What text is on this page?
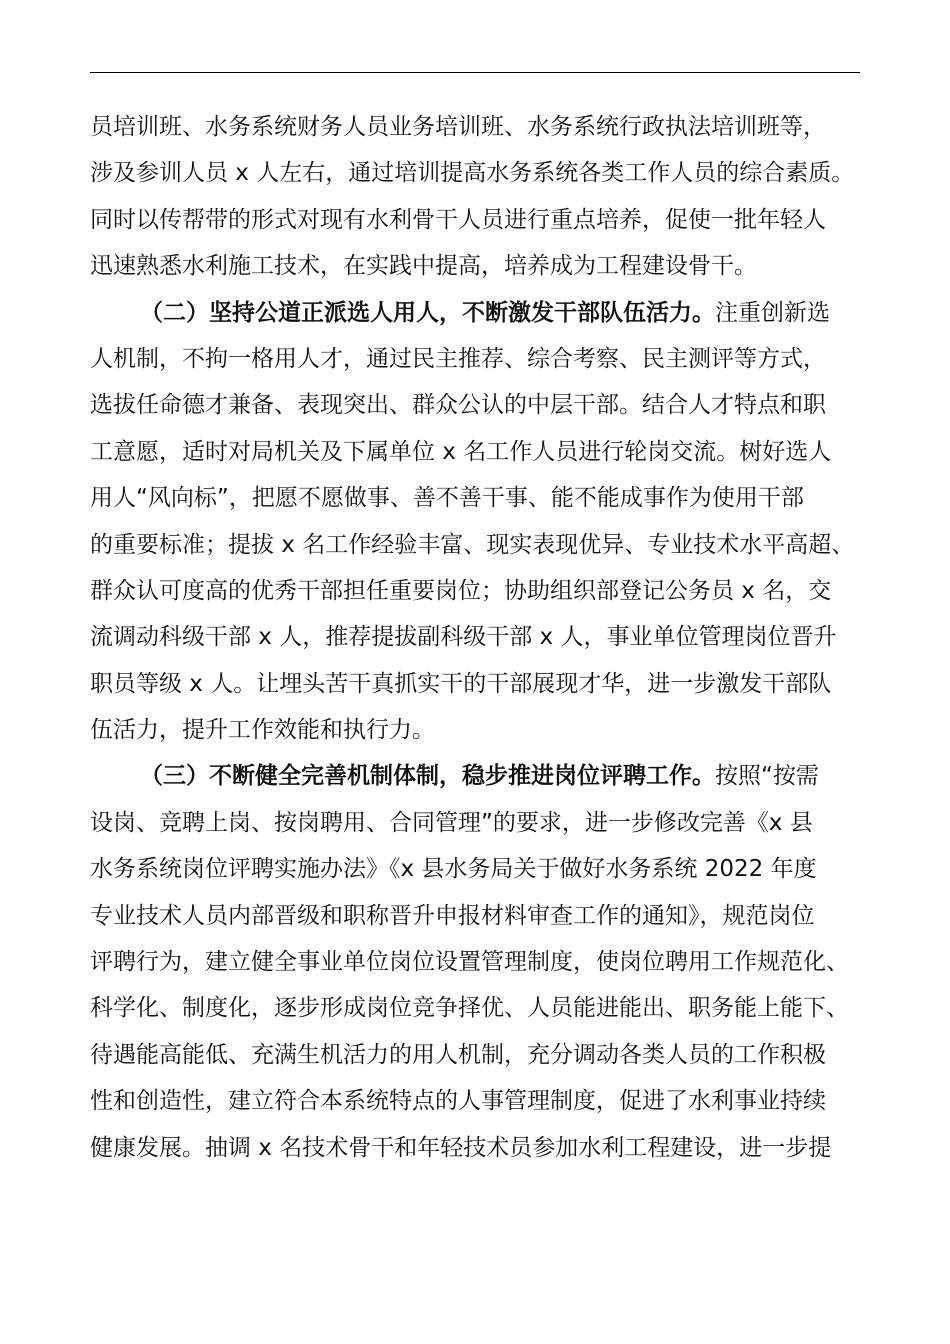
员培训班、水务系统财务人员业务培训班、水务系统行政执法培训班等，
涉及参训人员 x 人左右，通过培训提高水务系统各类工作人员的综合素质。
同时以传帮带的形式对现有水利骨干人员进行重点培养，促使一批年轻人
迅速熟悉水利施工技术，在实践中提高，培养成为工程建设骨干。
（二）坚持公道正派选人用人，不断激发干部队伍活力。注重创新选
人机制，不拘一格用人才，通过民主推荐、综合考察、民主测评等方式，
选拔任命德才兼备、表现突出、群众公认的中层干部。结合人才特点和职
工意愿，适时对局机关及下属单位 x 名工作人员进行轮岗交流。树好选人
用人“风向标”，把愿不愿做事、善不善干事、能不能成事作为使用干部
的重要标准；提拔 x 名工作经验丰富、现实表现优异、专业技术水平高超、
群众认可度高的优秀干部担任重要岗位；协助组织部登记公务员 x 名，交
流调动科级干部 x 人，推荐提拔副科级干部 x 人，事业单位管理岗位晋升
职员等级 x 人。让埋头苦干真抓实干的干部展现才华，进一步激发干部队
伍活力，提升工作效能和执行力。
（三）不断健全完善机制体制，稳步推进岗位评聘工作。按照“按需
设岗、竞聘上岗、按岗聘用、合同管理”的要求，进一步修改完善《x 县
水务系统岗位评聘实施办法》《x 县水务局关于做好水务系统 2022 年度
专业技术人员内部晋级和职称晋升申报材料审查工作的通知》，规范岗位
评聘行为，建立健全事业单位岗位设置管理制度，使岗位聘用工作规范化、
科学化、制度化，逐步形成岗位竞争择优、人员能进能出、职务能上能下、
待遇能高能低、充满生机活力的用人机制，充分调动各类人员的工作积极
性和创造性，建立符合本系统特点的人事管理制度，促进了水利事业持续
健康发展。抽调 x 名技术骨干和年轻技术员参加水利工程建设，进一步提
